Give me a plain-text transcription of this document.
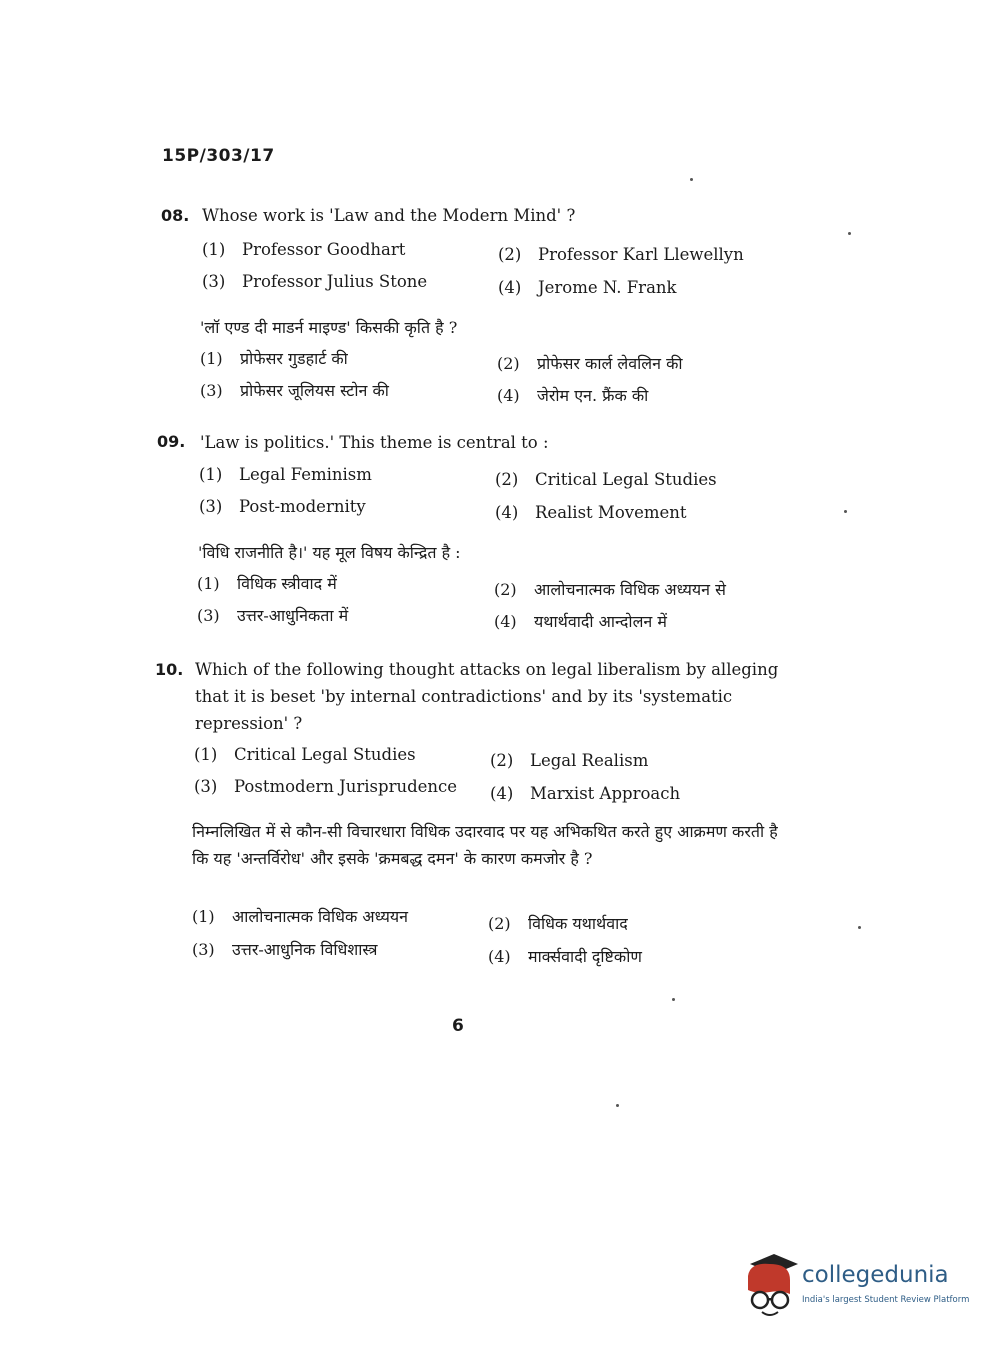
15P/303/17
08. Whose work is 'Law and the Modern Mind' ?
(1) Professor Goodhart	(2) Professor Karl Llewellyn
(3) Professor Julius Stone	(4) Jerome N. Frank
'लॉ एण्ड दी माडर्न माइण्ड' किसकी कृति है ?
(1) प्रोफेसर गुडहार्ट की	(2) प्रोफेसर कार्ल लेवलिन की
(3) प्रोफेसर जूलियस स्टोन की	(4) जेरोम एन. फ्रैंक की
09. 'Law is politics.' This theme is central to :
(1) Legal Feminism	(2) Critical Legal Studies
(3) Post-modernity	(4) Realist Movement
'विधि राजनीति है।' यह मूल विषय केन्द्रित है :
(1) विधिक स्त्रीवाद में	(2) आलोचनात्मक विधिक अध्ययन से
(3) उत्तर-आधुनिकता में	(4) यथार्थवादी आन्दोलन में
10. Which of the following thought attacks on legal liberalism by alleging that it is beset 'by internal contradictions' and by its 'systematic repression' ?
(1) Critical Legal Studies	(2) Legal Realism
(3) Postmodern Jurisprudence (4) Marxist Approach
निम्नलिखित में से कौन-सी विचारधारा विधिक उदारवाद पर यह अभिकथित करते हुए आक्रमण करती है कि यह 'अन्तर्विरोध' और इसके 'क्रमबद्ध दमन' के कारण कमजोर है ?
(1) आलोचनात्मक विधिक अध्ययन	(2) विधिक यथार्थवाद
(3) उत्तर-आधुनिक विधिशास्त्र	(4) मार्क्सवादी दृष्टिकोण
6
collegedunia
India's largest Student Review Platform
